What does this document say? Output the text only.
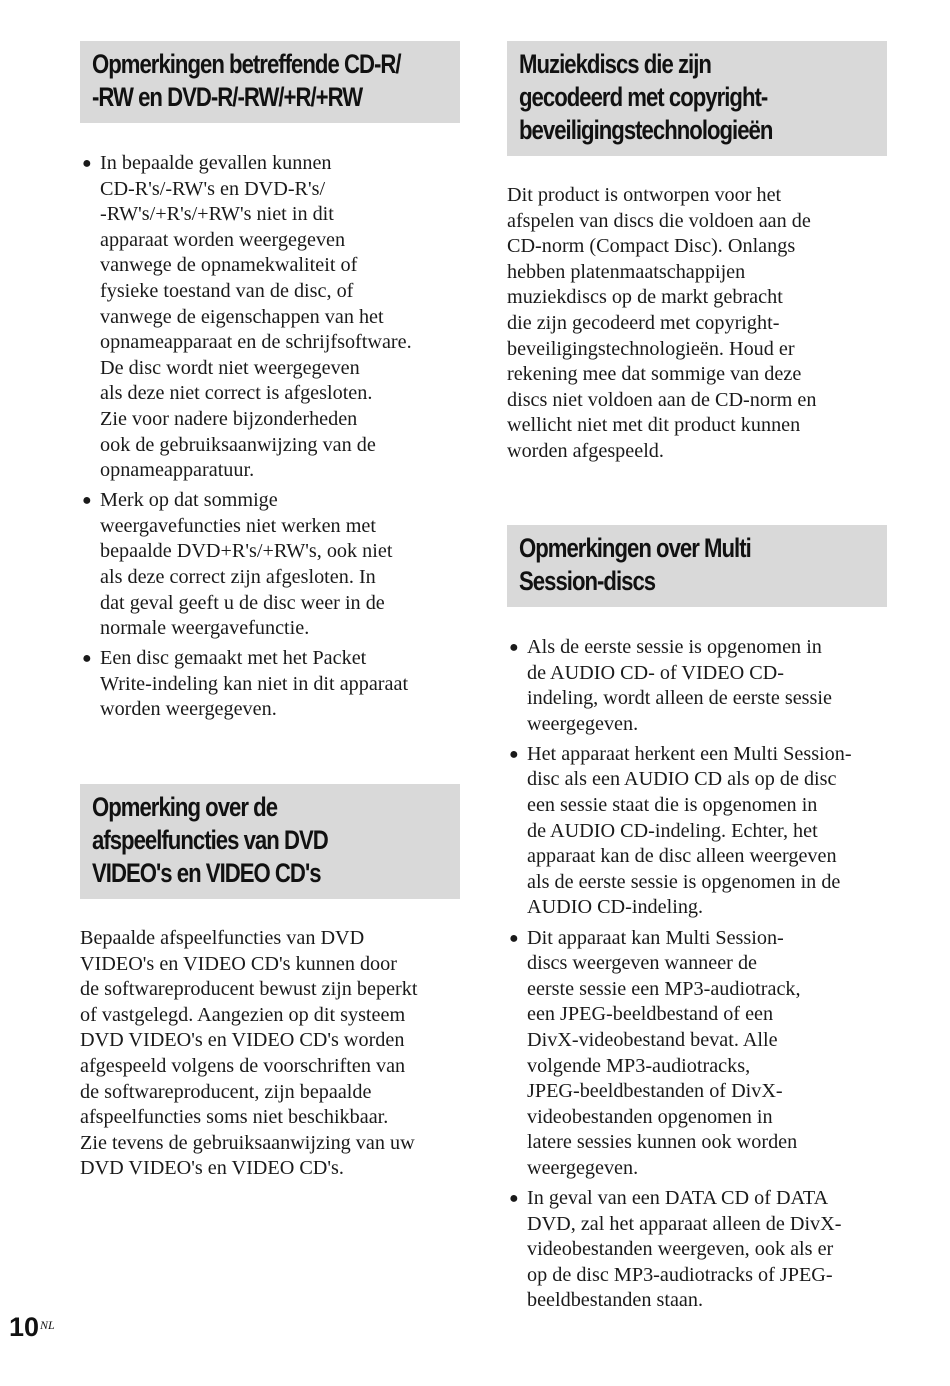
Opmerkingen betreffende CD-R/
-RW en DVD-R/-RW/+R/+RW
● In bepaalde gevallen kunnen
CD-R's/-RW's en DVD-R's/
-RW's/+R's/+RW's niet in dit
apparaat worden weergegeven
vanwege de opnamekwaliteit of
fysieke toestand van de disc, of
vanwege de eigenschappen van het
opnameapparaat en de schrijfsoftware.
De disc wordt niet weergegeven
als deze niet correct is afgesloten.
Zie voor nadere bijzonderheden
ook de gebruiksaanwijzing van de
opnameapparatuur.
● Merk op dat sommige
weergavefuncties niet werken met
bepaalde DVD+R's/+RW's, ook niet
als deze correct zijn afgesloten. In
dat geval geeft u de disc weer in de
normale weergavefunctie.
● Een disc gemaakt met het Packet
Write-indeling kan niet in dit apparaat
worden weergegeven.
Opmerking over de
afspeelfuncties van DVD
VIDEO's en VIDEO CD's
Bepaalde afspeelfuncties van DVD
VIDEO's en VIDEO CD's kunnen door
de softwareproducent bewust zijn beperkt
of vastgelegd. Aangezien op dit systeem
DVD VIDEO's en VIDEO CD's worden
afgespeeld volgens de voorschriften van
de softwareproducent, zijn bepaalde
afspeelfuncties soms niet beschikbaar.
Zie tevens de gebruiksaanwijzing van uw
DVD VIDEO's en VIDEO CD's.
Muziekdiscs die zijn
gecodeerd met copyright-
beveiligingstechnologieën
Dit product is ontworpen voor het
afspelen van discs die voldoen aan de
CD-norm (Compact Disc). Onlangs
hebben platenmaatschappijen
muziekdiscs op de markt gebracht
die zijn gecodeerd met copyright-
beveiligingstechnologieën. Houd er
rekening mee dat sommige van deze
discs niet voldoen aan de CD-norm en
wellicht niet met dit product kunnen
worden afgespeeld.
Opmerkingen over Multi
Session-discs
● Als de eerste sessie is opgenomen in
de AUDIO CD- of VIDEO CD-
indeling, wordt alleen de eerste sessie
weergegeven.
● Het apparaat herkent een Multi Session-
disc als een AUDIO CD als op de disc
een sessie staat die is opgenomen in
de AUDIO CD-indeling. Echter, het
apparaat kan de disc alleen weergeven
als de eerste sessie is opgenomen in de
AUDIO CD-indeling.
● Dit apparaat kan Multi Session-
discs weergeven wanneer de
eerste sessie een MP3-audiotrack,
een JPEG-beeldbestand of een
DivX-videobestand bevat. Alle
volgende MP3-audiotracks,
JPEG-beeldbestanden of DivX-
videobestanden opgenomen in
latere sessies kunnen ook worden
weergegeven.
● In geval van een DATA CD of DATA
DVD, zal het apparaat alleen de DivX-
videobestanden weergeven, ook als er
op de disc MP3-audiotracks of JPEG-
beeldbestanden staan.
$10^{NL}$
